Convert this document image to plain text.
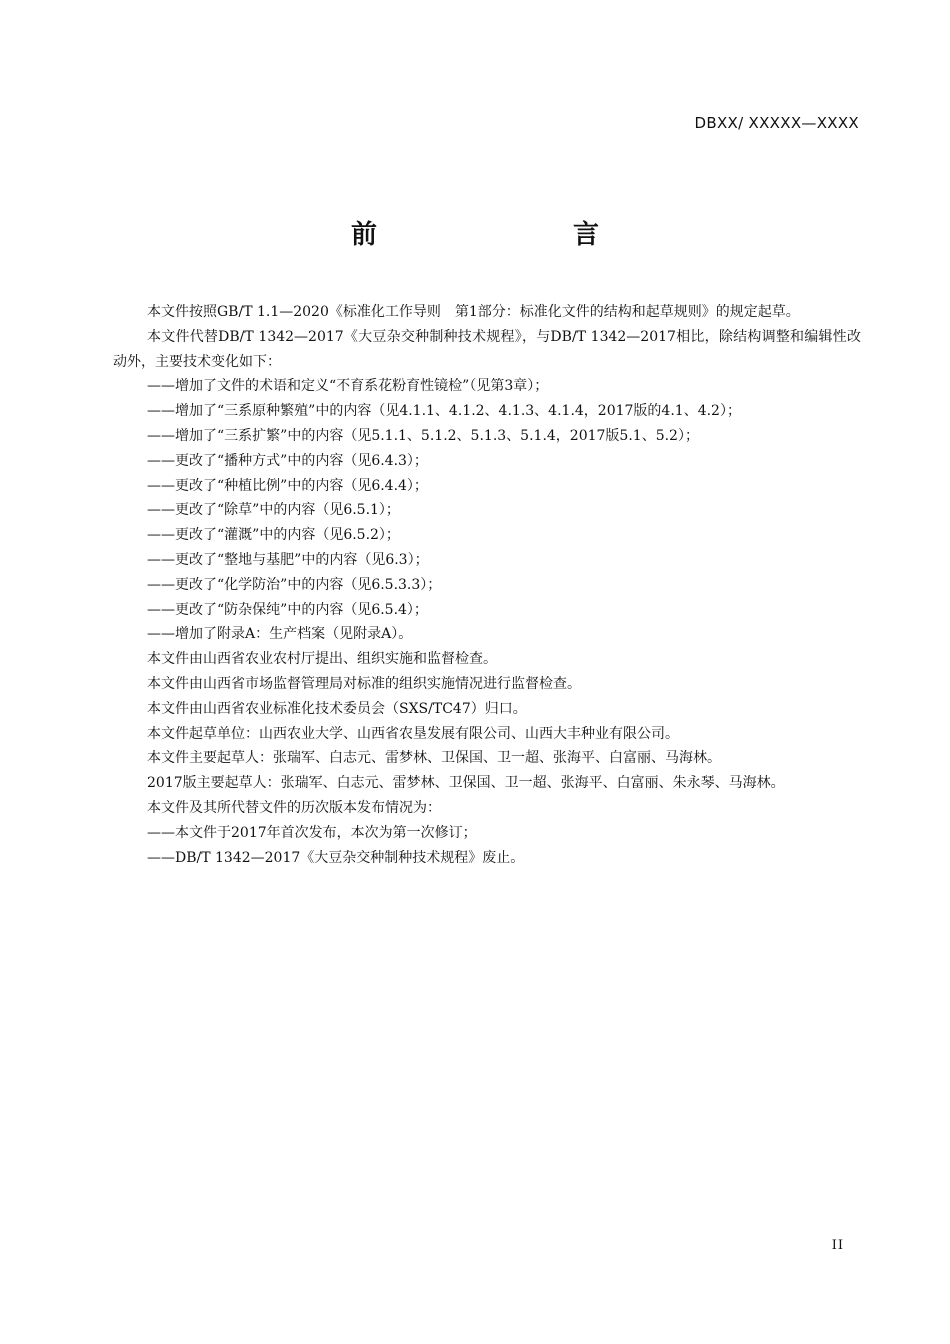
DBXX/ XXXXX—XXXX
前　　言

本文件按照GB/T 1.1—2020《标准化工作导则　第1部分：标准化文件的结构和起草规则》的规定起草。

本文件代替DB/T 1342—2017《大豆杂交种制种技术规程》，与DB/T 1342—2017相比，除结构调整和编辑性改动外，主要技术变化如下：

——增加了文件的术语和定义“不育系花粉育性镜检”（见第3章）；

——增加了“三系原种繁殖”中的内容（见4.1.1、4.1.2、4.1.3、4.1.4，2017版的4.1、4.2）；

——增加了“三系扩繁”中的内容（见5.1.1、5.1.2、5.1.3、5.1.4，2017版5.1、5.2）；

——更改了“播种方式”中的内容（见6.4.3）；

——更改了“种植比例”中的内容（见6.4.4）；

——更改了“除草”中的内容（见6.5.1）；

——更改了“灌溉”中的内容（见6.5.2）；

——更改了“整地与基肥”中的内容（见6.3）；

——更改了“化学防治”中的内容（见6.5.3.3）；

——更改了“防杂保纯”中的内容（见6.5.4）；

——增加了附录A：生产档案（见附录A）。

本文件由山西省农业农村厅提出、组织实施和监督检查。

本文件由山西省市场监督管理局对标准的组织实施情况进行监督检查。

本文件由山西省农业标准化技术委员会（SXS/TC47）归口。

本文件起草单位：山西农业大学、山西省农垦发展有限公司、山西大丰种业有限公司。

本文件主要起草人：张瑞军、白志元、雷梦林、卫保国、卫一超、张海平、白富丽、马海林。

2017版主要起草人：张瑞军、白志元、雷梦林、卫保国、卫一超、张海平、白富丽、朱永琴、马海林。

本文件及其所代替文件的历次版本发布情况为：

——本文件于2017年首次发布，本次为第一次修订；

——DB/T 1342—2017《大豆杂交种制种技术规程》废止。

II
